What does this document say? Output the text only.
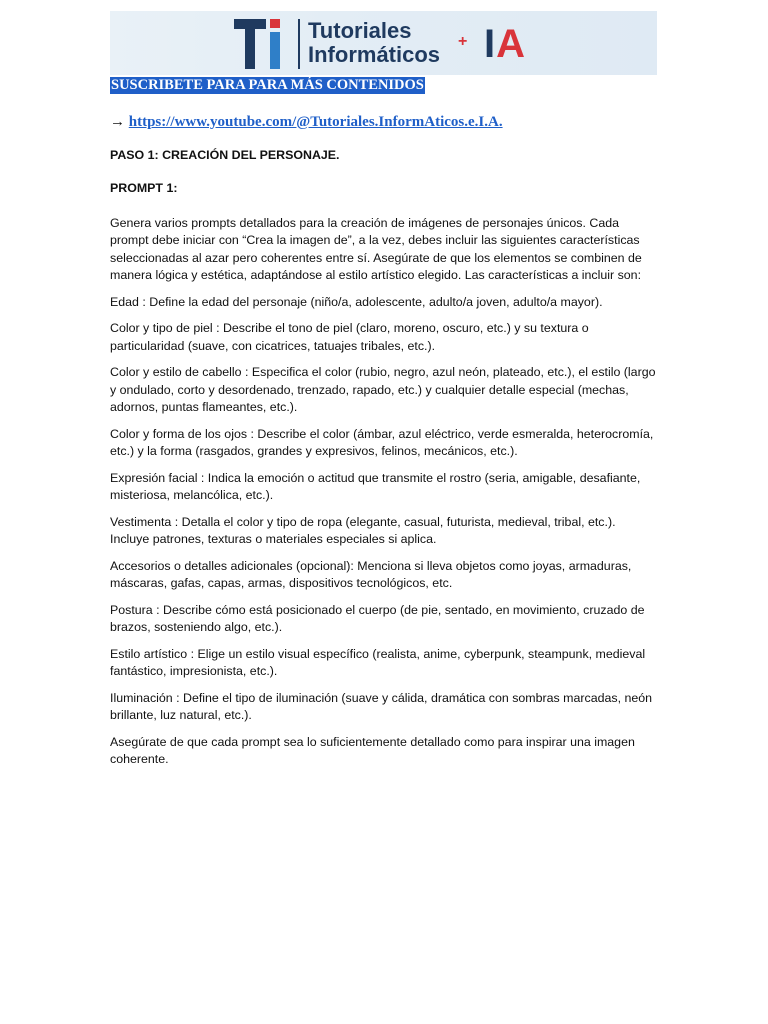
Tutoriales
Informáticos
+ IA
SUSCRIBETE PARA PARA MÁS CONTENIDOS
→ https://www.youtube.com/@Tutoriales.InformAticos.e.I.A.

PASO 1: CREACIÓN DEL PERSONAJE.

PROMPT 1:

Genera varios prompts detallados para la creación de imágenes de personajes únicos. Cada prompt debe iniciar con “Crea la imagen de”, a la vez, debes incluir las siguientes características seleccionadas al azar pero coherentes entre sí. Asegúrate de que los elementos se combinen de manera lógica y estética, adaptándose al estilo artístico elegido. Las características a incluir son:

Edad : Define la edad del personaje (niño/a, adolescente, adulto/a joven, adulto/a mayor).

Color y tipo de piel : Describe el tono de piel (claro, moreno, oscuro, etc.) y su textura o particularidad (suave, con cicatrices, tatuajes tribales, etc.).

Color y estilo de cabello : Especifica el color (rubio, negro, azul neón, plateado, etc.), el estilo (largo y ondulado, corto y desordenado, trenzado, rapado, etc.) y cualquier detalle especial (mechas, adornos, puntas flameantes, etc.).

Color y forma de los ojos : Describe el color (ámbar, azul eléctrico, verde esmeralda, heterocromía, etc.) y la forma (rasgados, grandes y expresivos, felinos, mecánicos, etc.).

Expresión facial : Indica la emoción o actitud que transmite el rostro (seria, amigable, desafiante, misteriosa, melancólica, etc.).

Vestimenta : Detalla el color y tipo de ropa (elegante, casual, futurista, medieval, tribal, etc.). Incluye patrones, texturas o materiales especiales si aplica.

Accesorios o detalles adicionales (opcional): Menciona si lleva objetos como joyas, armaduras, máscaras, gafas, capas, armas, dispositivos tecnológicos, etc.

Postura : Describe cómo está posicionado el cuerpo (de pie, sentado, en movimiento, cruzado de brazos, sosteniendo algo, etc.).

Estilo artístico : Elige un estilo visual específico (realista, anime, cyberpunk, steampunk, medieval fantástico, impresionista, etc.).

Iluminación : Define el tipo de iluminación (suave y cálida, dramática con sombras marcadas, neón brillante, luz natural, etc.).

Asegúrate de que cada prompt sea lo suficientemente detallado como para inspirar una imagen coherente.
